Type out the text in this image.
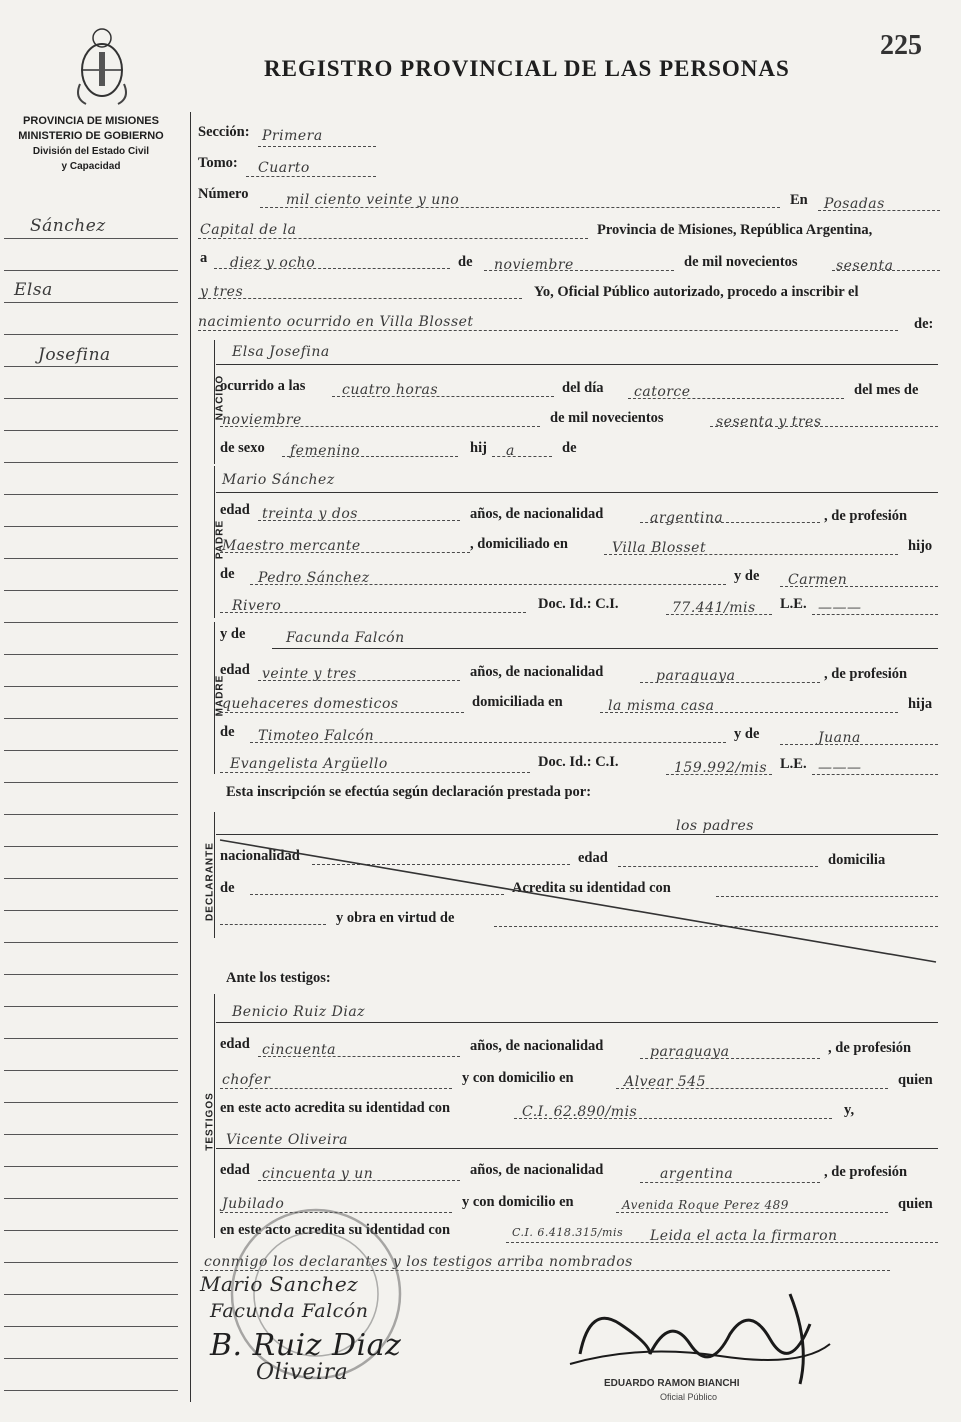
REGISTRO PROVINCIAL DE LAS PERSONAS
225
PROVINCIA DE MISIONES
MINISTERIO DE GOBIERNO
División del Estado Civil
y Capacidad
Sánchez
Elsa
Josefina
Sección: Primera
Tomo: Cuarto
Número	mil ciento veinte y uno	En Posadas
Capital de la	Provincia de Misiones, República Argentina,
a diez y ocho	de noviembre	de mil novecientos	sesenta
y tres	Yo, Oficial Público autorizado, procedo a inscribir el
nacimiento ocurrido en Villa Blosset	de:
NACIDO
Elsa Josefina
ocurrido a las	cuatro horas	del día catorce	del mes de
noviembre	de mil novecientos	sesenta y tres
de sexo femenino	hij a	de
PADRE
Mario Sánchez
edad treinta y dos	años, de nacionalidad	argentina	, de profesión
Maestro mercante	, domiciliado en	Villa Blosset	hijo
de Pedro Sánchez	y de Carmen
Rivero	Doc. Id.: C.I.	77.441/mis L.E. ———
MADRE
y de	Facunda Falcón
edad veinte y tres	años, de nacionalidad	paraguaya	, de profesión
quehaceres domesticos	domiciliada en	la misma casa	hija
de Timoteo Falcón	y de	Juana
Evangelista Argüello	Doc. Id.: C.I.	159.992/mis L.E. ———
Esta inscripción se efectúa según declaración prestada por:
DECLARANTE
los padres
nacionalidad	edad	domicilia
de	Acredita su identidad con
y obra en virtud de
Ante los testigos:
TESTIGOS
Benicio Ruiz Diaz
edad cincuenta	años, de nacionalidad	paraguaya	, de profesión
chofer	y con domicilio en	Alvear 545	quien
en este acto acredita su identidad con	C.I. 62.890/mis	y,
Vicente Oliveira
edad cincuenta y un	años, de nacionalidad	argentina	, de profesión
Jubilado	y con domicilio en	Avenida Roque Perez 489	quien
en este acto acredita su identidad con	C.I. 6.418.315/mis Leida el acta la firmaron
conmigo los declarantes y los testigos arriba nombrados
Mario Sanchez
Facunda Falcón
B. Ruiz Diaz
Oliveira	EDUARDO RAMON BIANCHI
Oficial Público
